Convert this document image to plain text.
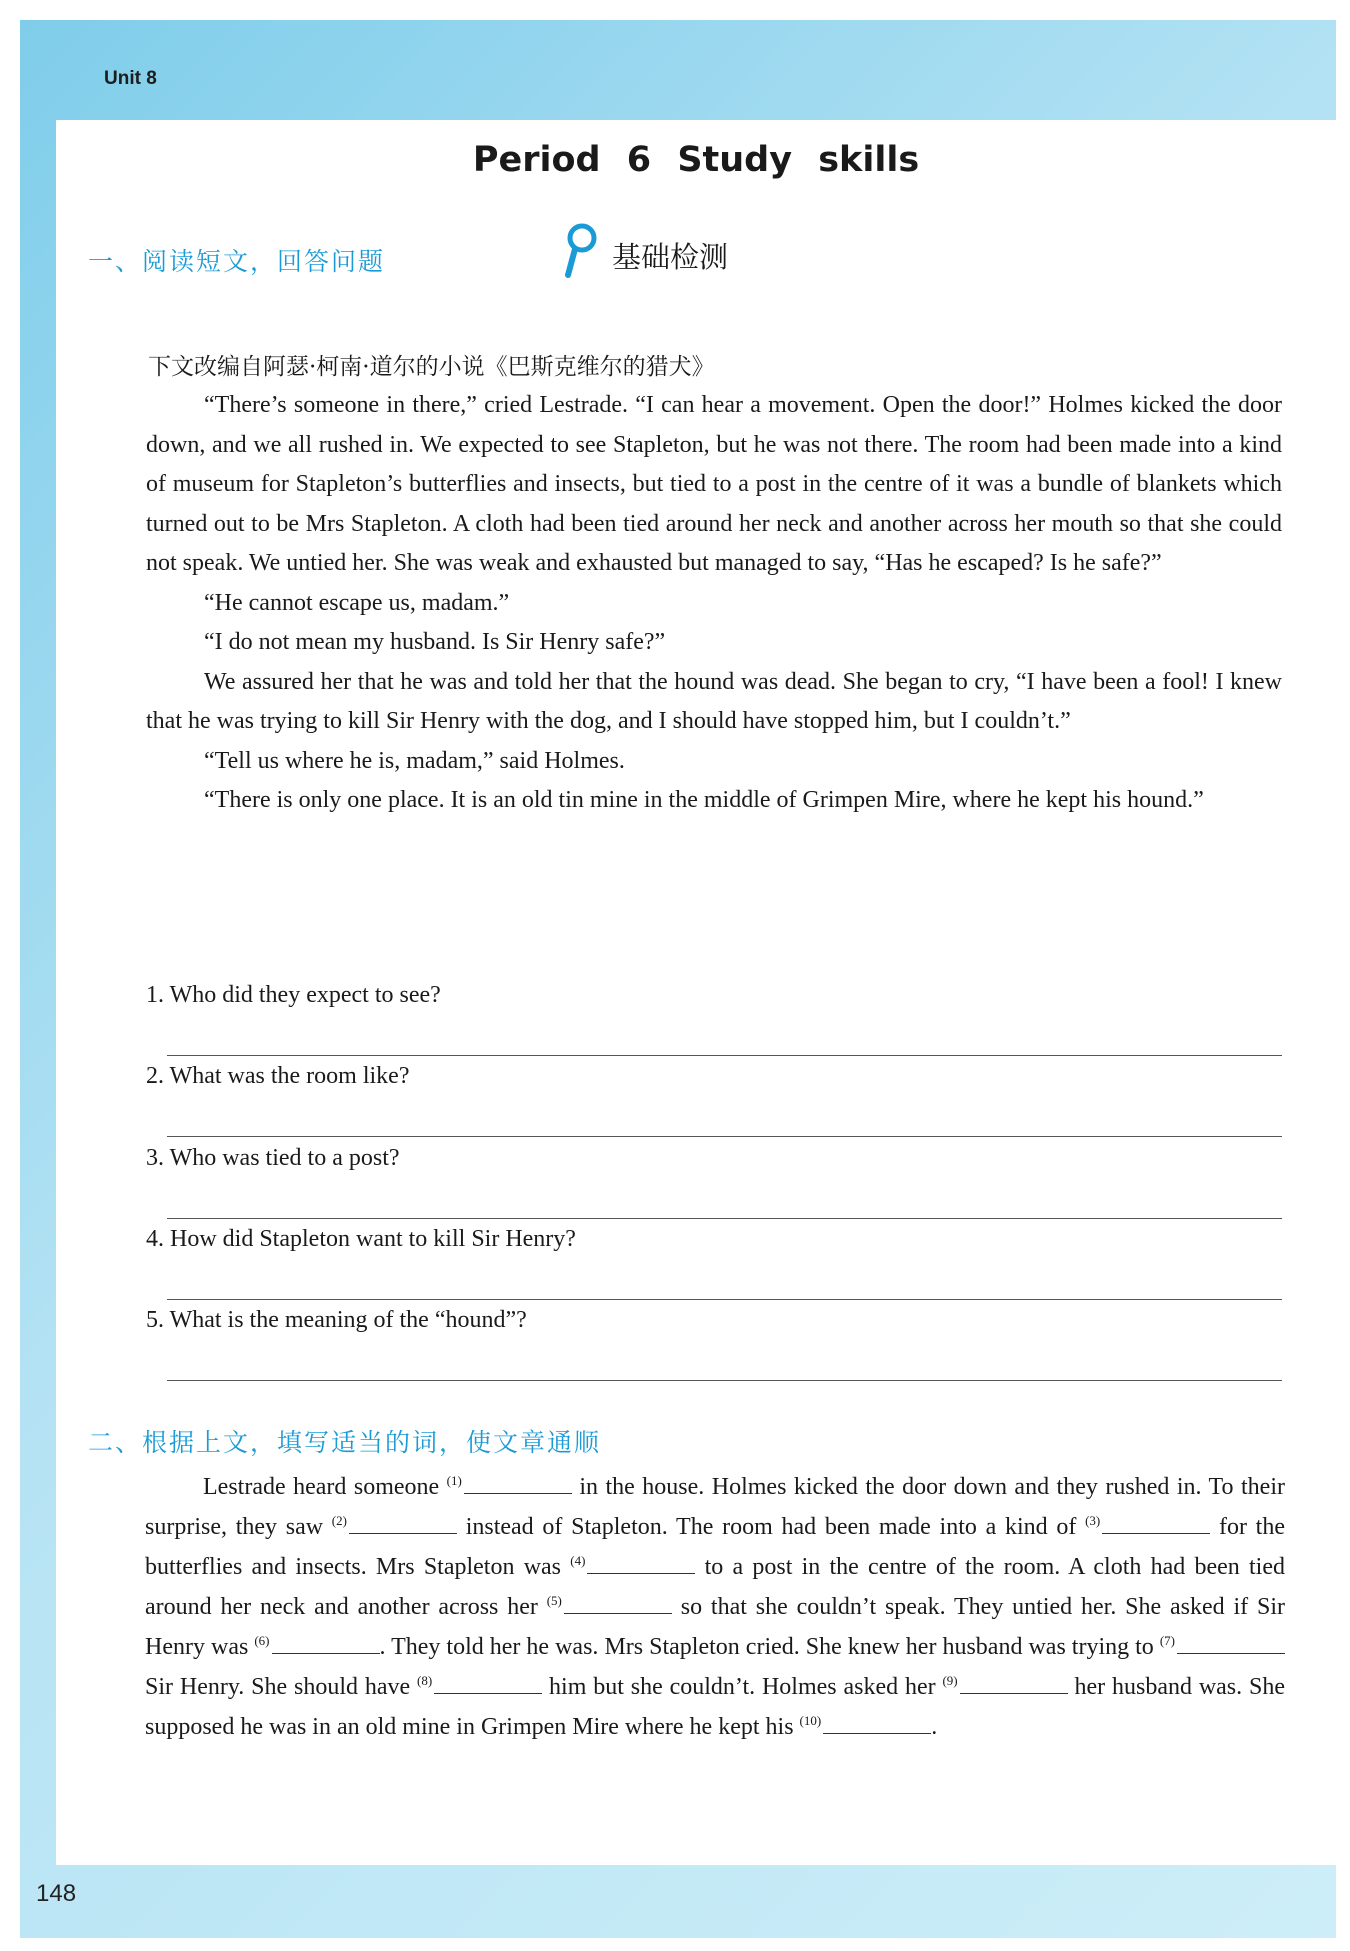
Unit 8
148
Period 6 Study skills
基础检测
一、阅读短文，回答问题
下文改编自阿瑟·柯南·道尔的小说《巴斯克维尔的猎犬》

“There’s someone in there,” cried Lestrade. “I can hear a movement. Open the door!” Holmes kicked the door down, and we all rushed in. We expected to see Stapleton, but he was not there. The room had been made into a kind of museum for Stapleton’s butterflies and insects, but tied to a post in the centre of it was a bundle of blankets which turned out to be Mrs Stapleton. A cloth had been tied around her neck and another across her mouth so that she could not speak. We untied her. She was weak and exhausted but managed to say, “Has he escaped? Is he safe?”

“He cannot escape us, madam.”

“I do not mean my husband. Is Sir Henry safe?”

We assured her that he was and told her that the hound was dead. She began to cry, “I have been a fool! I knew that he was trying to kill Sir Henry with the dog, and I should have stopped him, but I couldn’t.”

“Tell us where he is, madam,” said Holmes.

“There is only one place. It is an old tin mine in the middle of Grimpen Mire, where he kept his hound.”

1. Who did they expect to see?
2. What was the room like?
3. Who was tied to a post?
4. How did Stapleton want to kill Sir Henry?
5. What is the meaning of the “hound”?
二、根据上文，填写适当的词，使文章通顺

Lestrade heard someone $^{(1)}$	in the house. Holmes kicked the door down and they rushed in. To their surprise, they saw $^{(2)}$	instead of Stapleton. The room had been made into a kind of $^{(3)}$	for the butterflies and insects. Mrs Stapleton was $^{(4)}$	to a post in the centre of the room. A cloth had been tied around her neck and another across her $^{(5)}$	so that she couldn’t speak. They untied her. She asked if Sir Henry was $^{(6)}$	. They told her he was. Mrs Stapleton cried. She knew her husband was trying to $^{(7)}$ Sir Henry. She should have $^{(8)}$	him but she couldn’t. Holmes asked her $^{(9)}$	her husband was. She supposed he was in an old mine in Grimpen Mire where he kept his $^{(10)}$	.
